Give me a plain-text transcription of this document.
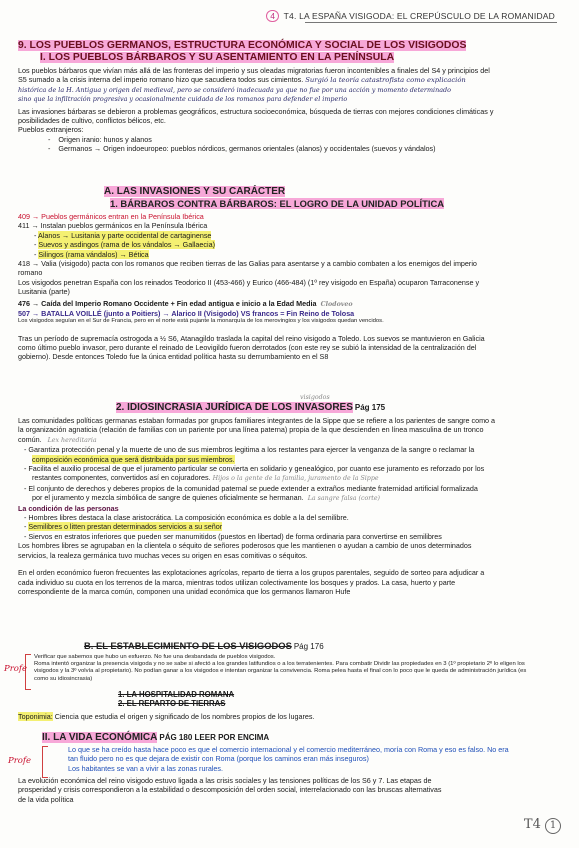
4 T4. LA ESPAÑA VISIGODA: EL CREPÚSCULO DE LA ROMANIDAD
9. LOS PUEBLOS GERMANOS, ESTRUCTURA ECONÓMICA Y SOCIAL DE LOS VISIGODOS
I. LOS PUEBLOS BÁRBAROS Y SU ASENTAMIENTO EN LA PENÍNSULA
Los pueblos bárbaros que vivían más allá de las fronteras del imperio y sus oleadas migratorias fueron incontenibles a finales del S4 y principios del
S5 sumado a la crisis interna del imperio romano hizo que sacudiera todos sus cimientos. Surgió la teoría catastrofista como explicación
histórica de la H. Antigua y origen del medieval, pero se consideró inadecuada ya que no fue por una acción y momento determinado
sino que la infiltración progresiva y ocasionalmente cuidada de los romanos para defender el imperio
Las invasiones bárbaras se debieron a problemas geográficos, estructura socioeconómica, búsqueda de tierras con mejores condiciones climáticas y
posibilidades de cultivo, conflictos bélicos, etc.
Pueblos extranjeros:
-    Origen iranio: hunos y alanos
-    Germanos → Origen indoeuropeo: pueblos nórdicos, germanos orientales (alanos) y occidentales (suevos y vándalos)
A. LAS INVASIONES Y SU CARÁCTER
1. BÁRBAROS CONTRA BÁRBAROS: EL LOGRO DE LA UNIDAD POLÍTICA
409 → Pueblos germánicos entran en la Península Ibérica
411 → Instalan pueblos germánicos en la Península Ibérica
- Alanos → Lusitania y parte occidental de cartaginense
- Suevos y asdingos (rama de los vándalos → Gallaecia)
- Silingos (rama vándalos) → Bética
418 → Valia (visigodo) pacta con los romanos que reciben tierras de las Galias para asentarse y a cambio combaten a los enemigos del imperio
romano
Los visigodos penetran España con los reinados Teodorico II (453-466) y Eurico (466-484) (1º rey visigodo en España) ocuparon Tarraconense y
Lusitania (parte)
476 → Caída del Imperio Romano Occidente + Fin edad antigua e inicio a la Edad Media Clodoveo
507 → BATALLA VOILLÉ (junto a Poitiers) → Alarico II (Visigodo) VS francos = Fin Reino de Tolosa
Los visigodos seguían en el Sur de Francia, pero en el norte está pujante la monarquía de los merovingios y los visigodos quedan vencidos.
Tras un período de supremacía ostrogoda a ½ S6, Atanagildo traslada la capital del reino visigodo a Toledo. Los suevos se mantuvieron en Galicia
como último pueblo invasor, pero durante el reinado de Leovigildo fueron derrotados (con este rey se subió la intensidad de la centralización del
gobierno). Desde entonces Toledo fue la única entidad política hasta su derrumbamiento en el S8
visigodos
2. IDIOSINCRASIA JURÍDICA DE LOS INVASORES Pág 175
Las comunidades políticas germanas estaban formadas por grupos familiares integrantes de la Sippe que se refiere a los parientes de sangre como a
la organización agnaticia (relación de familias con un pariente por una línea paterna) propia de la que descienden en línea masculina de un tronco
común. Lex hereditaria
- Garantiza protección penal y la muerte de uno de sus miembros legitima a los restantes para ejercer la venganza de la sangre o reclamar la
composición económica que será distribuida por sus miembros.
- Facilita el auxilio procesal de que el juramento particular se convierta en solidario y genealógico, por cuanto ese juramento es reforzado por los
restantes componentes, convertidos así en cojuradores. Hijos o la gente de la familia, juramento de la Sippe
- El conjunto de derechos y deberes propios de la comunidad paternal se puede extender a extraños mediante fraternidad artificial formalizada
por el juramento y mezcla simbólica de sangre de quienes oficialmente se hermanan. La sangre falsa (corte)
La condición de las personas
- Hombres libres destaca la clase aristocrática. La composición económica es doble a la del semilibre.
- Semilibres o litten prestan determinados servicios a su señor
- Siervos en estratos inferiores que pueden ser manumitidos (puestos en libertad) de forma ordinaria para convertirse en semilibres
Los hombres libres se agrupaban en la clientela o séquito de señores poderosos que les mantienen o ayudan a cambio de unos determinados
servicios, la realeza germánica tuvo muchas veces su origen en esas comitivas o séquitos.
En el orden económico fueron frecuentes las explotaciones agrícolas, reparto de tierra a los grupos parentales, seguido de sorteo para adjudicar a
cada individuo su cuota en los terrenos de la marca, mientras todos utilizan colectivamente los bosques y prados. La casa, huerto y parte
correspondiente de la marca común, componen una unidad económica que los germanos llamaron Hufe
B. EL ESTABLECIMIENTO DE LOS VISIGODOS Pág 176
Profe
Verificar que sabemos que hubo un esfuerzo. No fue una desbandada de pueblos visigodos.
Roma intentó organizar la presencia visigoda y no se sabe si afectó a los grandes latifundios o a los terratenientes. Para combatir Dividir las propiedades en 3 (1º propietario 2º lo eligen los
visigodos y la 3º volvía al propietario). No podían ganar a los visigodos e intentan organizar la convivencia. Roma pelea hasta el final con lo poco que le queda de administración jurídica (es
como su idiosincrasia)
1. LA HOSPITALIDAD ROMANA
2. EL REPARTO DE TIERRAS
Toponimia: Ciencia que estudia el origen y significado de los nombres propios de los lugares.
II. LA VIDA ECONÓMICA PÁG 180 LEER POR ENCIMA
Profe
Lo que se ha creído hasta hace poco es que el comercio internacional y el comercio mediterráneo, moría con Roma y eso es falso. No era
tan fluido pero no es que dejara de existir con Roma (porque los caminos eran más inseguros)
Los habitantes se van a vivir a las zonas rurales.
La evolución económica del reino visigodo estuvo ligada a las crisis sociales y las tensiones políticas de los S6 y 7. Las etapas de
prosperidad y crisis correspondieron a la estabilidad o descomposición del orden social, interrelacionado con las bruscas alternativas
de la vida política
T4 1
